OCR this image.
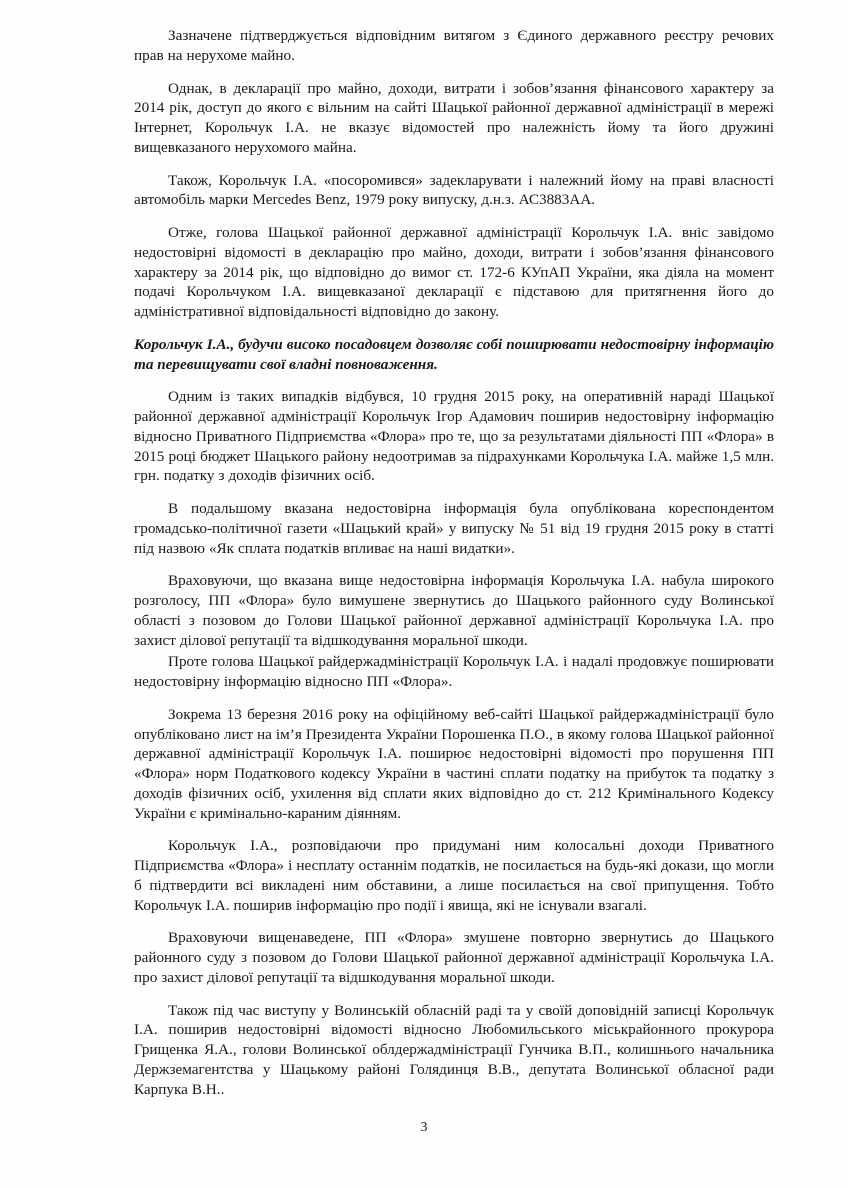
Зазначене підтверджується відповідним витягом з Єдиного державного реєстру речових прав на нерухоме майно.

Однак, в декларації про майно, доходи, витрати і зобов’язання фінансового характеру за 2014 рік, доступ до якого є вільним на сайті Шацької районної державної адміністрації в мережі Інтернет, Корольчук І.А. не вказує відомостей про належність йому та його дружині вищевказаного нерухомого майна.

Також, Корольчук І.А. «посоромився» задекларувати і належний йому на праві власності автомобіль марки Mercedes Benz, 1979 року випуску, д.н.з. АС3883АА.

Отже, голова Шацької районної державної адміністрації Корольчук І.А. вніс завідомо недостовірні відомості в декларацію про майно, доходи, витрати і зобов’язання фінансового характеру за 2014 рік, що відповідно до вимог ст. 172-6 КУпАП України, яка діяла на момент подачі Корольчуком І.А. вищевказаної декларації є підставою для притягнення його до адміністративної відповідальності відповідно до закону.

Корольчук І.А., будучи високо посадовцем дозволяє собі поширювати недостовірну інформацію та перевищувати свої владні повноваження.

Одним із таких випадків відбувся, 10 грудня 2015 року, на оперативній нараді Шацької районної державної адміністрації Корольчук Ігор Адамович поширив недостовірну інформацію відносно Приватного Підприємства «Флора» про те, що за результатами діяльності ПП «Флора» в 2015 році бюджет Шацького району недоотримав за підрахунками Корольчука І.А. майже 1,5 млн. грн. податку з доходів фізичних осіб.

В подальшому вказана недостовірна інформація була опублікована кореспондентом громадсько-політичної газети «Шацький край» у випуску № 51 від 19 грудня 2015 року в статті під назвою «Як сплата податків впливає на наші видатки».

Враховуючи, що вказана вище недостовірна інформація Корольчука І.А. набула широкого розголосу, ПП «Флора» було вимушене звернутись до Шацького районного суду Волинської області з позовом до Голови Шацької районної державної адміністрації Корольчука І.А. про захист ділової репутації та відшкодування моральної шкоди.

Проте голова Шацької райдержадміністрації Корольчук І.А. і надалі продовжує поширювати недостовірну інформацію відносно ПП «Флора».

Зокрема 13 березня 2016 року на офіційному веб-сайті Шацької райдержадміністрації було опубліковано лист на ім’я Президента України Порошенка П.О., в якому голова Шацької районної державної адміністрації Корольчук І.А. поширює недостовірні відомості про порушення ПП «Флора» норм Податкового кодексу України в частині сплати податку на прибуток та податку з доходів фізичних осіб, ухилення від сплати яких відповідно до ст. 212 Кримінального Кодексу України є кримінально-караним діянням.

Корольчук І.А., розповідаючи про придумані ним колосальні доходи Приватного Підприємства «Флора» і несплату останнім податків, не посилається на будь-які докази, що могли б підтвердити всі викладені ним обставини, а лише посилається на свої припущення. Тобто Корольчук І.А. поширив інформацію про події і явища, які не існували взагалі.

Враховуючи вищенаведене, ПП «Флора» змушене повторно звернутись до Шацького районного суду з позовом до Голови Шацької районної державної адміністрації Корольчука І.А. про захист ділової репутації та відшкодування моральної шкоди.

Також під час виступу у Волинській обласній раді та у своїй доповідній записці Корольчук І.А. поширив недостовірні відомості відносно Любомильського міськрайонного прокурора Грищенка Я.А., голови Волинської облдержадміністрації Гунчика В.П., колишнього начальника Держземагентства у Шацькому районі Голядинця В.В., депутата Волинської обласної ради Карпука В.Н..

3
